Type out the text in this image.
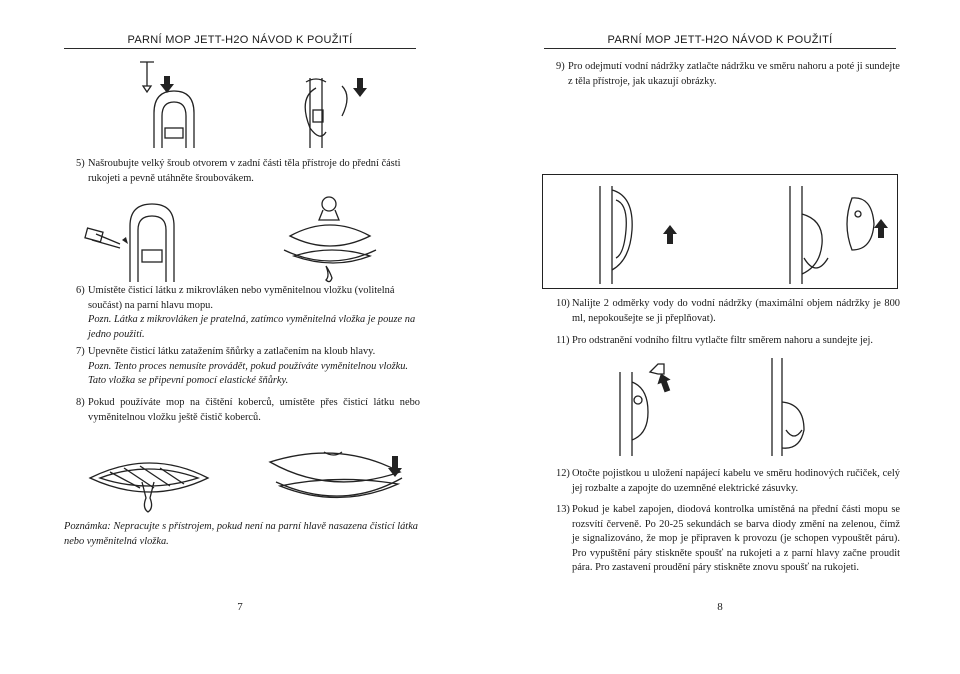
PARNÍ MOP JETT-H2O NÁVOD K POUŽITÍ
5) Našroubujte velký šroub otvorem v zadní části těla přístroje do přední části rukojeti a pevně utáhněte šroubovákem.
6) Umístěte čisticí látku z mikrovláken nebo vyměnitelnou vložku (volitelná součást) na parní hlavu mopu.
Pozn. Látka z mikrovláken je pratelná, zatímco vyměnitelná vložka je pouze na jedno použití.
7) Upevněte čisticí látku zatažením šňůrky a zatlačením na kloub hlavy.
Pozn. Tento proces nemusíte provádět, pokud používáte vyměnitelnou vložku. Tato vložka se připevní pomocí elastické šňůrky.
8) Pokud používáte mop na čištění koberců, umístěte přes čisticí látku nebo vyměnitelnou vložku ještě čistič koberců.
Poznámka: Nepracujte s přístrojem, pokud není na parní hlavě nasazena čisticí látka nebo vyměnitelná vložka.
7
PARNÍ MOP JETT-H2O NÁVOD K POUŽITÍ
9) Pro odejmutí vodní nádržky zatlačte nádržku ve směru nahoru a poté ji sundejte z těla přístroje, jak ukazují obrázky.
10) Nalijte 2 odměrky vody do vodní nádržky (maximální objem nádržky je 800 ml, nepokoušejte se ji přeplňovat).
11) Pro odstranění vodního filtru vytlačte filtr směrem nahoru a sundejte jej.
12) Otočte pojistkou u uložení napájecí kabelu ve směru hodinových ručiček, celý jej rozbalte a zapojte do uzemněné elektrické zásuvky.
13) Pokud je kabel zapojen, diodová kontrolka umístěná na přední části mopu se rozsvítí červeně. Po 20-25 sekundách se barva diody změní na zelenou, čímž je signalizováno, že mop je připraven k provozu (je schopen vypouštět páru). Pro vypuštění páry stiskněte spoušť na rukojeti a z parní hlavy začne proudit pára. Pro zastavení proudění páry stiskněte znovu spoušť na rukojeti.
8
